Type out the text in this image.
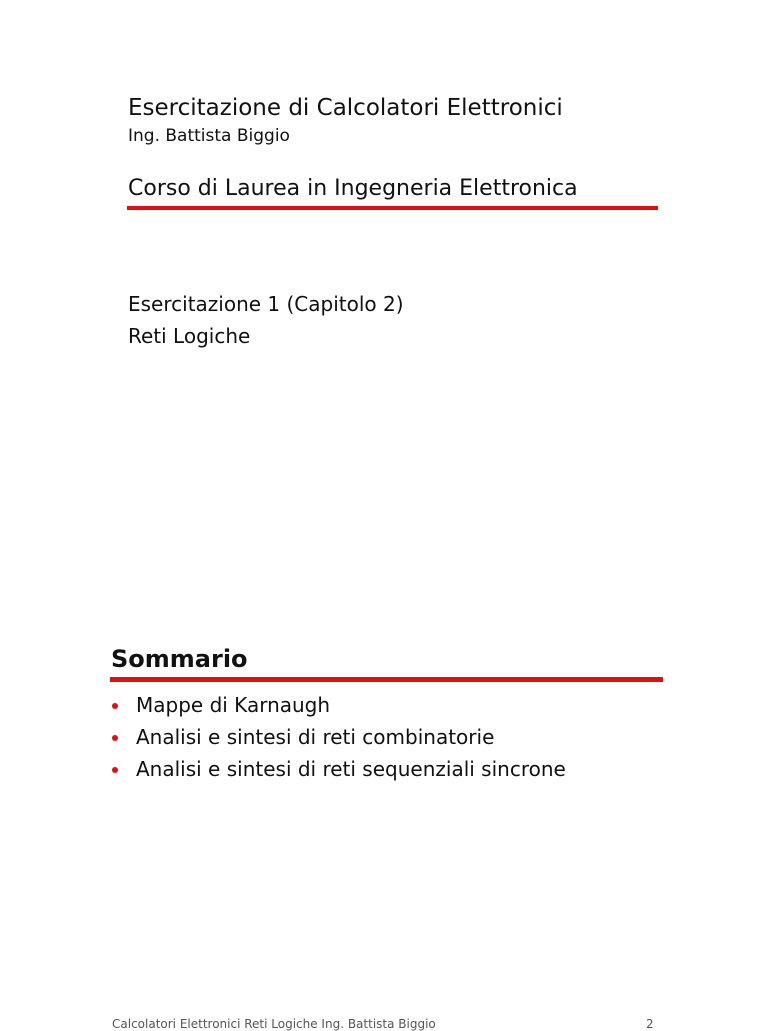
Esercitazione di Calcolatori Elettronici
Ing. Battista Biggio
Corso di Laurea in Ingegneria Elettronica
Esercitazione 1 (Capitolo 2)
Reti Logiche
Sommario
Mappe di Karnaugh
Analisi e sintesi di reti combinatorie
Analisi e sintesi di reti sequenziali sincrone
Calcolatori Elettronici Reti Logiche Ing. Battista Biggio	2
